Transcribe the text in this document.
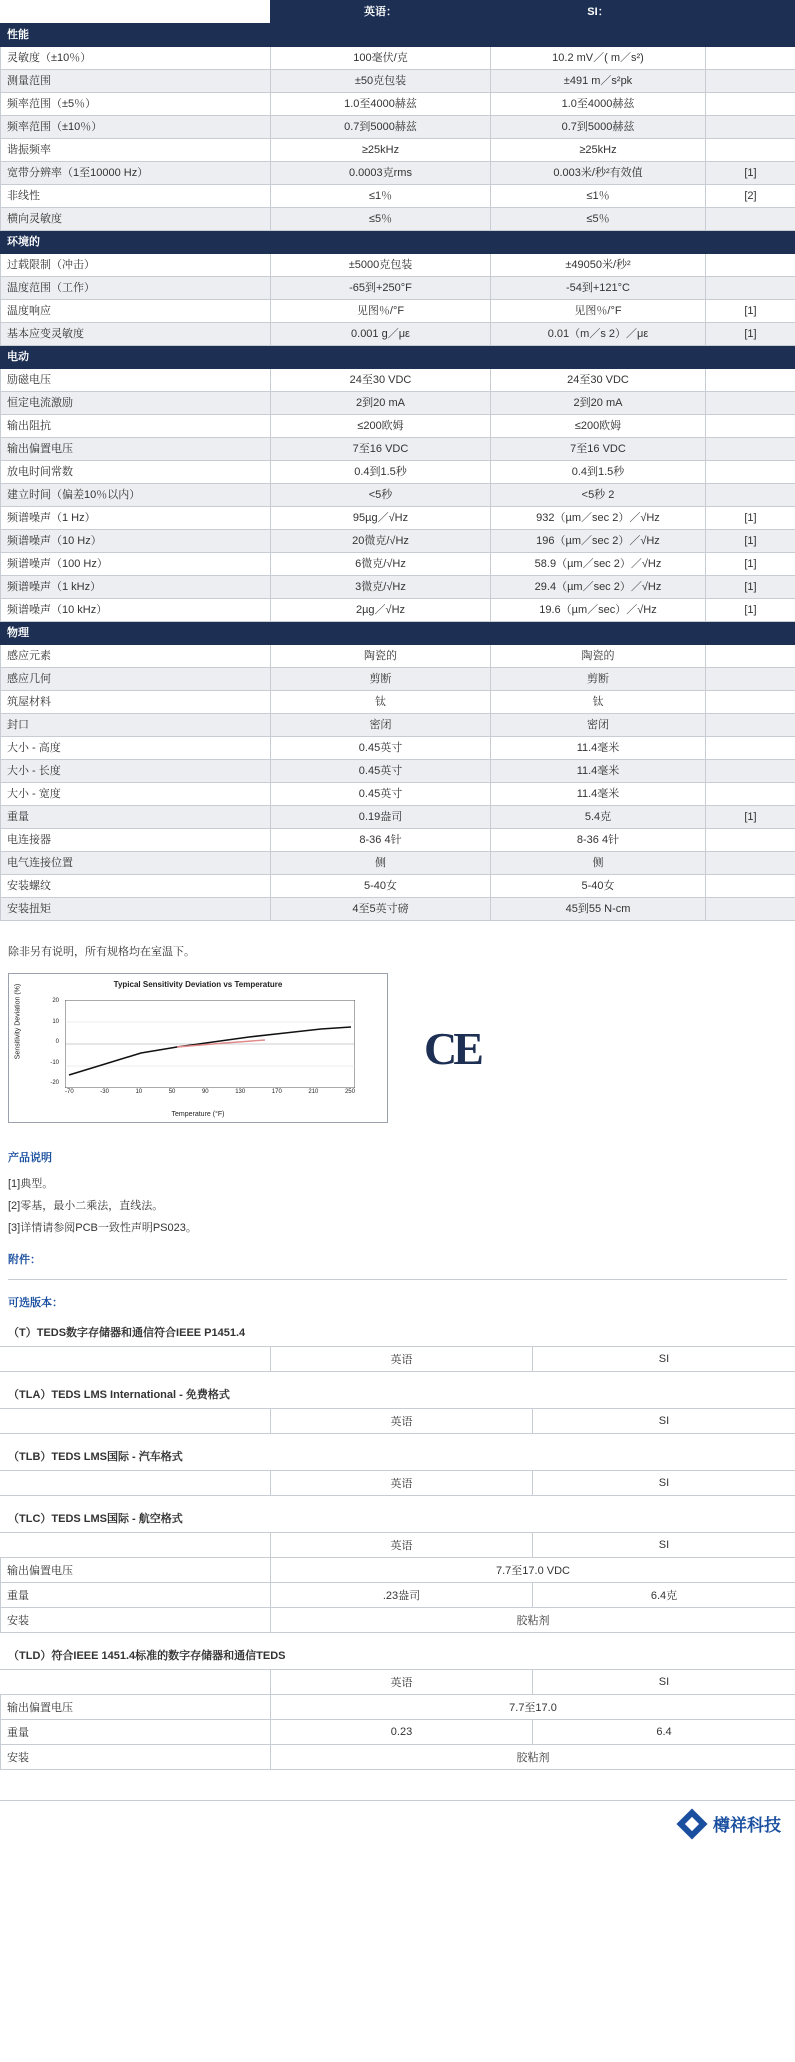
	英语：	SI：	
性能			
灵敏度（±10％）	100毫伏/克	10.2 mV／( m／s²)	
测量范围	±50克包装	±491 m／s²pk	
频率范围（±5％）	1.0至4000赫兹	1.0至4000赫兹	
频率范围（±10％）	0.7到5000赫兹	0.7到5000赫兹	
谐振频率	≥25kHz	≥25kHz	
宽带分辨率（1至10000 Hz）	0.0003克rms	0.003米/秒²有效值	[1]
非线性	≤1％	≤1％	[2]
横向灵敏度	≤5％	≤5％	
环境的			
过载限制（冲击）	±5000克包装	±49050米/秒²	
温度范围（工作）	-65到+250°F	-54到+121°C	
温度响应	见图％/°F	见图％/°F	[1]
基本应变灵敏度	0.001 g／με	0.01（m／s 2）／με	[1]
电动			
励磁电压	24至30 VDC	24至30 VDC	
恒定电流激励	2到20 mA	2到20 mA	
输出阻抗	≤200欧姆	≤200欧姆	
输出偏置电压	7至16 VDC	7至16 VDC	
放电时间常数	0.4到1.5秒	0.4到1.5秒	
建立时间（偏差10％以内）	<5秒	<5秒 2	
频谱噪声（1 Hz）	95µg／√Hz	932（µm／sec 2）／√Hz	[1]
频谱噪声（10 Hz）	20微克/√Hz	196（µm／sec 2）／√Hz	[1]
频谱噪声（100 Hz）	6微克/√Hz	58.9（µm／sec 2）／√Hz	[1]
频谱噪声（1 kHz）	3微克/√Hz	29.4（µm／sec 2）／√Hz	[1]
频谱噪声（10 kHz）	2µg／√Hz	19.6（µm／sec）／√Hz	[1]
物理			
感应元素	陶瓷的	陶瓷的	
感应几何	剪断	剪断	
筑屋材料	钛	钛	
封口	密闭	密闭	
大小 - 高度	0.45英寸	11.4毫米	
大小 - 长度	0.45英寸	11.4毫米	
大小 - 宽度	0.45英寸	11.4毫米	
重量	0.19盎司	5.4克	[1]
电连接器	8-36 4针	8-36 4针	
电气连接位置	侧	侧	
安装螺纹	5-40女	5-40女	
安装扭矩	4至5英寸磅	45到55 N-cm	
除非另有说明，所有规格均在室温下。
Typical Sensitivity Deviation vs Temperature
Sensitivity Deviation (%)
-70	-30	10	50	90	130	170	210	250
20
10
0
-10
-20
Temperature (°F)
CE
产品说明
[1]典型。
[2]零基，最小二乘法，直线法。
[3]详情请参阅PCB一致性声明PS023。
附件：
可选版本：
（T）TEDS数字存储器和通信符合IEEE P1451.4
	英语	SI
（TLA）TEDS LMS International - 免费格式
	英语	SI
（TLB）TEDS LMS国际 - 汽车格式
	英语	SI
（TLC）TEDS LMS国际 - 航空格式
	英语	SI
输出偏置电压	7.7至17.0 VDC	
重量	.23盎司	6.4克
安装	胶粘剂	
（TLD）符合IEEE 1451.4标准的数字存储器和通信TEDS
	英语	SI
输出偏置电压	7.7至17.0	
重量	0.23	6.4
安装	胶粘剂	
樽祥科技
